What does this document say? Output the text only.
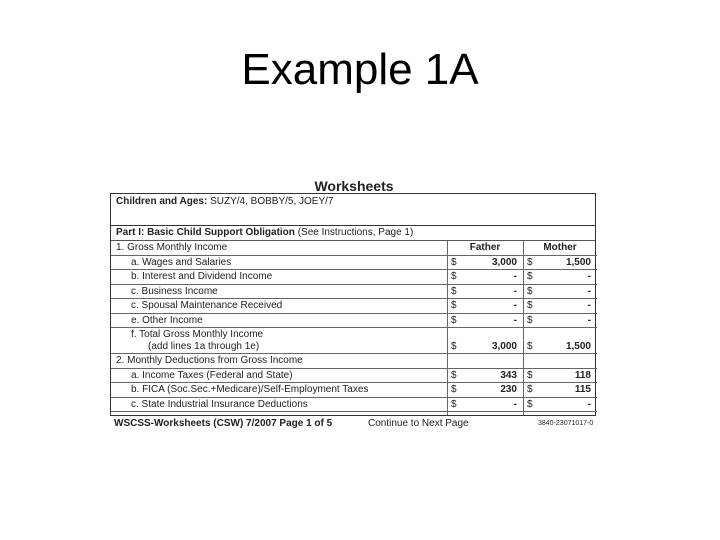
Example 1A
Worksheets
Children and Ages: SUZY/4, BOBBY/5, JOEY/7
Part I: Basic Child Support Obligation (See Instructions, Page 1)
1. Gross Monthly Income	Father	Mother
a. Wages and Salaries	$	3,000 $	1,500
b. Interest and Dividend Income	$	- $	-
c. Business Income	$	- $	-
c. Spousal Maintenance Received	$	- $	-
e. Other Income	$	- $	-
f. Total Gross Monthly Income
(add lines 1a through 1e)	$	3,000 $	1,500
2. Monthly Deductions from Gross Income
a. Income Taxes (Federal and State)	$	343 $	118
b. FICA (Soc.Sec.+Medicare)/Self-Employment Taxes	$	230 $	115
c. State Industrial Insurance Deductions	$	- $	-
WSCSS-Worksheets (CSW) 7/2007 Page 1 of 5	Continue to Next Page	3840-23071017-0
